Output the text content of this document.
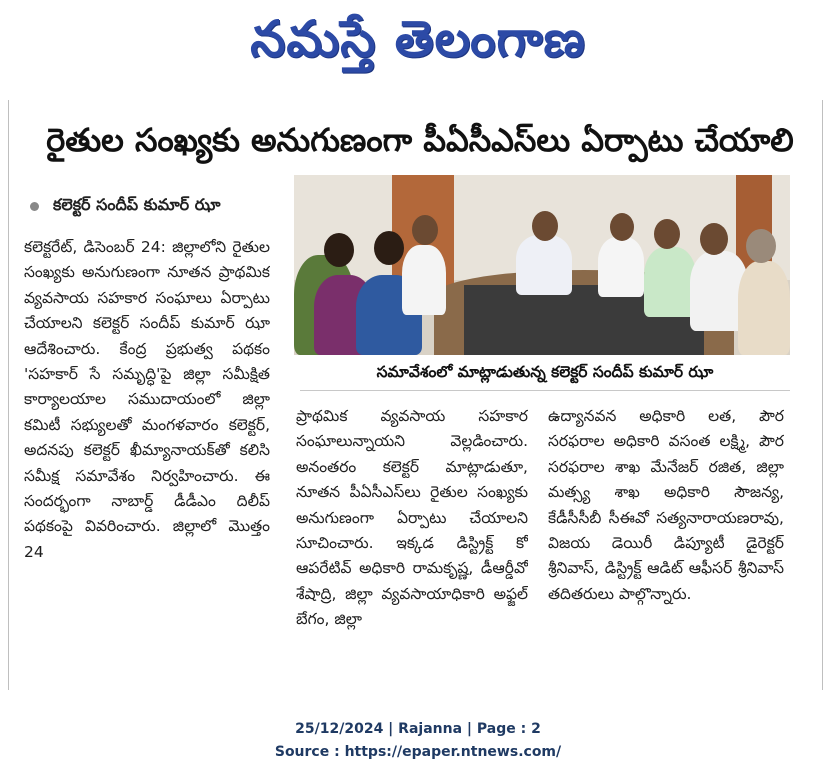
నమస్తే తెలంగాణ
రైతుల సంఖ్యకు అనుగుణంగా పీఏసీఎస్‌లు ఏర్పాటు చేయాలి
కలెక్టర్ సందీప్ కుమార్ ఝా
కలెక్టరేట్, డిసెంబర్ 24: జిల్లాలోని రైతుల సంఖ్యకు అనుగుణంగా నూతన ప్రాథమిక వ్యవసాయ సహకార సంఘాలు ఏర్పాటు చేయాలని కలెక్టర్ సందీప్ కుమార్ ఝా ఆదేశించారు. కేంద్ర ప్రభుత్వ పథకం 'సహకార్ సే సమృద్ధి'పై జిల్లా సమీక్షిత కార్యాలయాల సముదాయంలో జిల్లా కమిటీ సభ్యులతో మంగళవారం కలెక్టర్, అదనపు కలెక్టర్ ఖీమ్యానాయక్‌తో కలిసి సమీక్ష సమావేశం నిర్వహించారు. ఈ సందర్భంగా నాబార్డ్ డీడీఎం దిలీప్ పథకంపై వివరించారు. జిల్లాలో మొత్తం 24
సమావేశంలో మాట్లాడుతున్న కలెక్టర్ సందీప్ కుమార్ ఝా
ప్రాథమిక వ్యవసాయ సహకార సంఘాలున్నాయని వెల్లడించారు. అనంతరం కలెక్టర్ మాట్లాడుతూ, నూతన పీఏసీఎస్‌లు రైతుల సంఖ్యకు అనుగుణంగా ఏర్పాటు చేయాలని సూచించారు. ఇక్కడ డిస్ట్రిక్ట్ కో ఆపరేటివ్ అధికారి రామకృష్ణ, డీఆర్డీవో శేషాద్రి, జిల్లా వ్యవసాయాధికారి అఫ్జల్ బేగం, జిల్లా
ఉద్యానవన అధికారి లత, పౌర సరఫరాల అధికారి వసంత లక్ష్మి, పౌర సరఫరాల శాఖ మేనేజర్ రజిత, జిల్లా మత్స్య శాఖ అధికారి సౌజన్య, కేడీసీసీబీ సీఈవో సత్యనారాయణరావు, విజయ డెయిరీ డిప్యూటీ డైరెక్టర్ శ్రీనివాస్, డిస్ట్రిక్ట్ ఆడిట్ ఆఫీసర్ శ్రీనివాస్ తదితరులు పాల్గొన్నారు.
25/12/2024 | Rajanna | Page : 2
Source : https://epaper.ntnews.com/
